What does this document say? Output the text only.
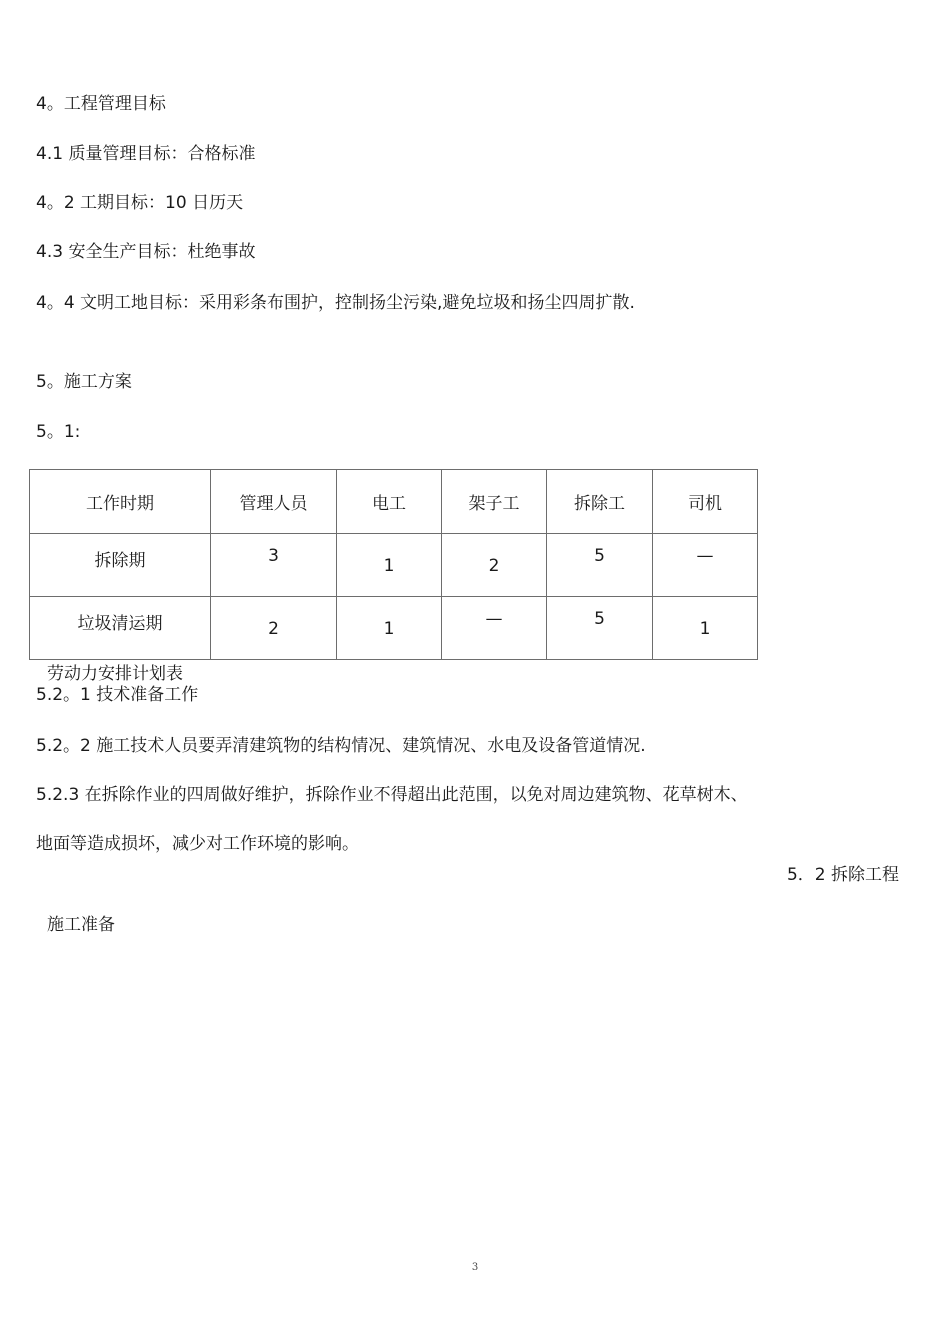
4。工程管理目标
4.1 质量管理目标：合格标准
4。2 工期目标：10 日历天
4.3 安全生产目标：杜绝事故
4。4 文明工地目标：采用彩条布围护，控制扬尘污染,避免垃圾和扬尘四周扩散.
5。施工方案
5。1:
工作时期	管理人员	电工	架子工	拆除工	司机

拆除期	3	1	2	5	—

垃圾清运期	2	1	—	5	1
劳动力安排计划表
5.2。1 技术准备工作
5.2。2 施工技术人员要弄清建筑物的结构情况、建筑情况、水电及设备管道情况.
5.2.3 在拆除作业的四周做好维护，拆除作业不得超出此范围，以免对周边建筑物、花草树木、
地面等造成损坏，减少对工作环境的影响。
5．2 拆除工程
施工准备
3
